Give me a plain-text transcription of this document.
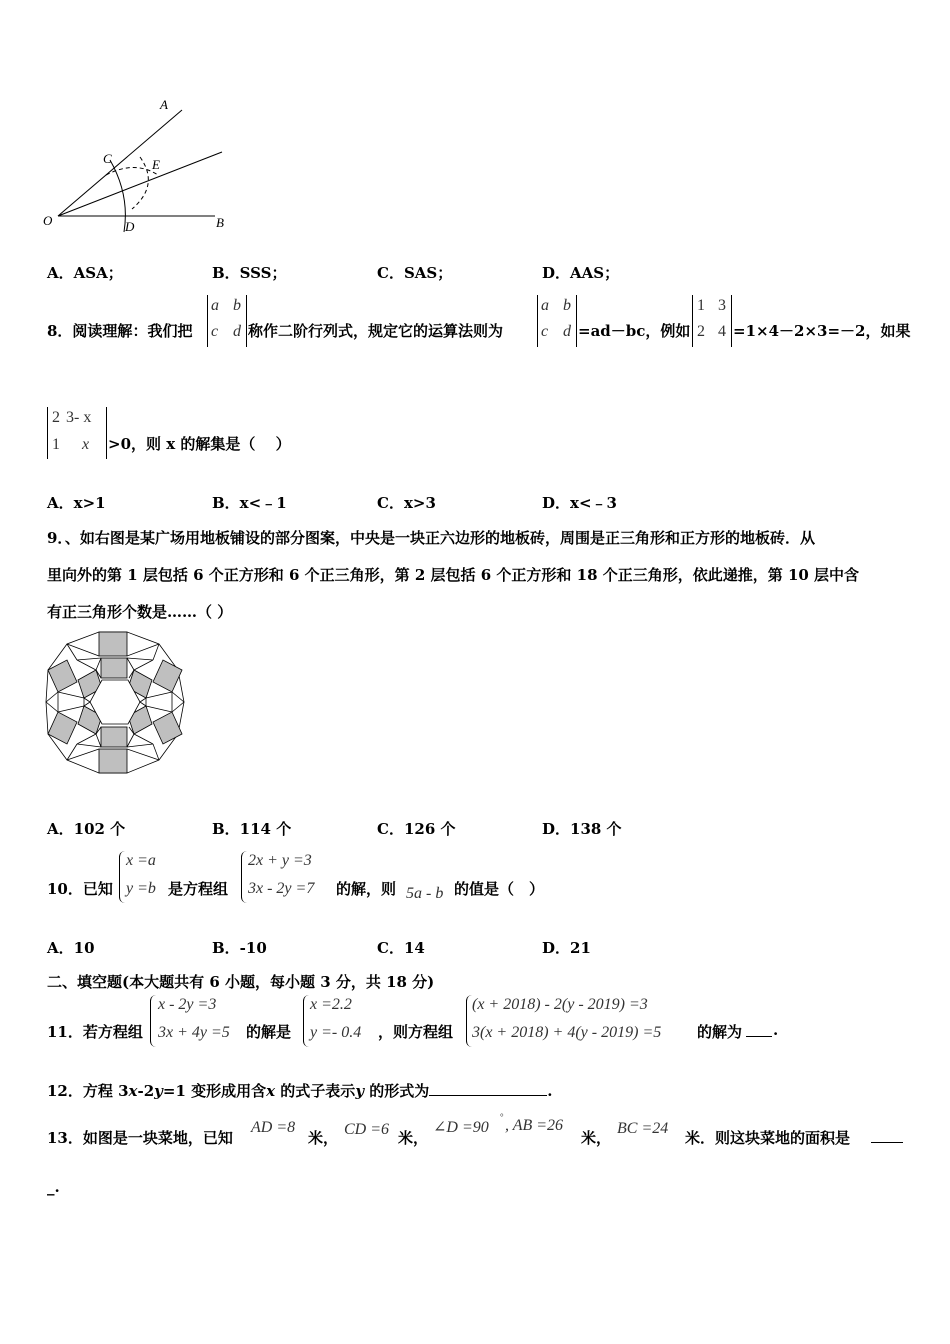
A
C	E
O	D	B
A．ASA；	B．SSS；	C．SAS；	D．AAS；
8．阅读理解：我们把
a b
c d 称作二阶行列式，规定它的运算法则为
a b
c d =ad－bc，例如
1 3
2 4 =1×4－2×3=－2，如果
2 3- x
1 x >0，则 x 的解集是（　 ）
A．x>1	B．x<﹣1	C．x>3	D．x<﹣3
9．、如右图是某广场用地板铺设的部分图案，中央是一块正六边形的地板砖，周围是正三角形和正方形的地板砖．从
里向外的第 1 层包括 6 个正方形和 6 个正三角形，第 2 层包括 6 个正方形和 18 个正三角形，依此递推，第 10 层中含
有正三角形个数是……（ ）
A．102 个	B．114 个	C．126 个	D．138 个
10．已知
x =a
y =b 是方程组
2x + y =3
3x - 2y =7 的解，则 5a - b 的值是（　）
A．10	B．-10	C．14	D．21
二、填空题(本大题共有 6 小题，每小题 3 分，共 18 分)
11．若方程组
x - 2y =3
3x + 4y =5 的解是
x =2.2
y =- 0.4 ，则方程组
(x + 2018) - 2(y - 2019) =3
3(x + 2018) + 4(y - 2019) =5 的解为 .
12．方程 3x-2y=1 变形成用含x 的式子表示y 的形式为	.
13．如图是一块菜地，已知
AD =8
米， CD =6 米，
∠D =90
° , AB =26
米，
BC =24
米．则这块菜地的面积是
_.
